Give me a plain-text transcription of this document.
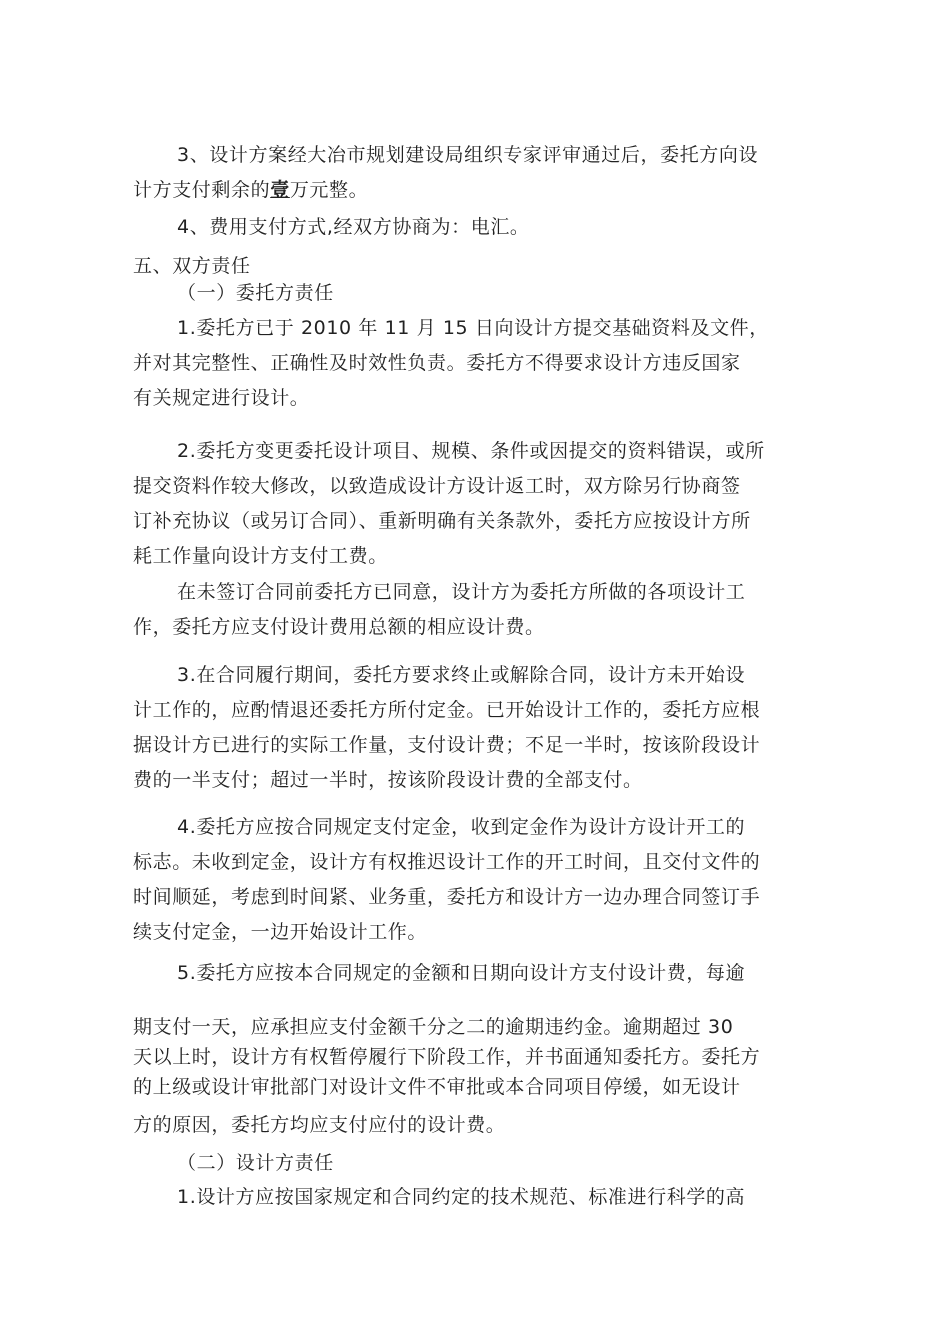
3、设计方案经大冶市规划建设局组织专家评审通过后，委托方向设
计方支付剩余的壹万元整。

4、费用支付方式,经双方协商为：电汇。

五、双方责任

（一）委托方责任

1.委托方已于 2010 年 11 月 15 日向设计方提交基础资料及文件，
并对其完整性、正确性及时效性负责。委托方不得要求设计方违反国家
有关规定进行设计。

2.委托方变更委托设计项目、规模、条件或因提交的资料错误，或所
提交资料作较大修改，以致造成设计方设计返工时，双方除另行协商签
订补充协议（或另订合同）、重新明确有关条款外，委托方应按设计方所
耗工作量向设计方支付工费。

在未签订合同前委托方已同意，设计方为委托方所做的各项设计工
作，委托方应支付设计费用总额的相应设计费。

3.在合同履行期间，委托方要求终止或解除合同，设计方未开始设
计工作的，应酌情退还委托方所付定金。已开始设计工作的，委托方应根
据设计方已进行的实际工作量，支付设计费；不足一半时，按该阶段设计
费的一半支付；超过一半时，按该阶段设计费的全部支付。

4.委托方应按合同规定支付定金，收到定金作为设计方设计开工的
标志。未收到定金，设计方有权推迟设计工作的开工时间，且交付文件的
时间顺延，考虑到时间紧、业务重，委托方和设计方一边办理合同签订手
续支付定金，一边开始设计工作。

5.委托方应按本合同规定的金额和日期向设计方支付设计费，每逾

期支付一天，应承担应支付金额千分之二的逾期违约金。逾期超过 30
天以上时，设计方有权暂停履行下阶段工作，并书面通知委托方。委托方
的上级或设计审批部门对设计文件不审批或本合同项目停缓，如无设计

方的原因，委托方均应支付应付的设计费。

（二）设计方责任

1.设计方应按国家规定和合同约定的技术规范、标准进行科学的高
